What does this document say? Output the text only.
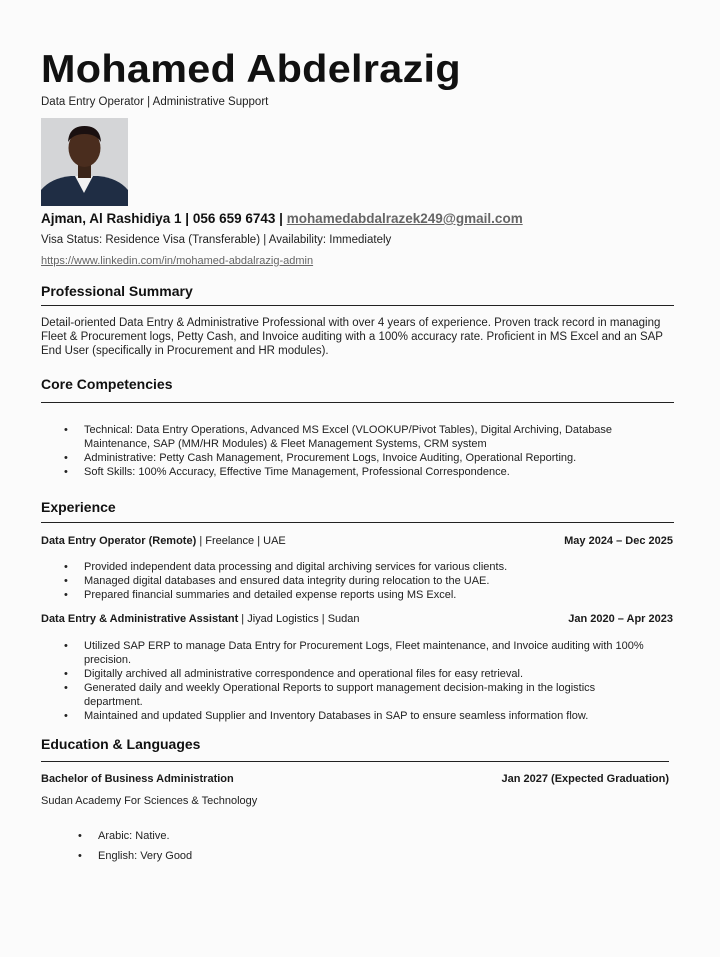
Mohamed Abdelrazig
Data Entry Operator | Administrative Support
Ajman, Al Rashidiya 1 | 056 659 6743 | mohamedabdalrazek249@gmail.com
Visa Status: Residence Visa (Transferable) | Availability: Immediately
https://www.linkedin.com/in/mohamed-abdalrazig-admin
Professional Summary
Detail-oriented Data Entry & Administrative Professional with over 4 years of experience. Proven track record in managing Fleet & Procurement logs, Petty Cash, and Invoice auditing with a 100% accuracy rate. Proficient in MS Excel and an SAP End User (specifically in Procurement and HR modules).
Core Competencies
• Technical: Data Entry Operations, Advanced MS Excel (VLOOKUP/Pivot Tables), Digital Archiving, Database Maintenance, SAP (MM/HR Modules) & Fleet Management Systems, CRM system
• Administrative: Petty Cash Management, Procurement Logs, Invoice Auditing, Operational Reporting.
• Soft Skills: 100% Accuracy, Effective Time Management, Professional Correspondence.
Experience
Data Entry Operator (Remote) | Freelance | UAE	May 2024 – Dec 2025
• Provided independent data processing and digital archiving services for various clients.
• Managed digital databases and ensured data integrity during relocation to the UAE.
• Prepared financial summaries and detailed expense reports using MS Excel.
Data Entry & Administrative Assistant | Jiyad Logistics | Sudan	Jan 2020 – Apr 2023
• Utilized SAP ERP to manage Data Entry for Procurement Logs, Fleet maintenance, and Invoice auditing with 100% precision.
• Digitally archived all administrative correspondence and operational files for easy retrieval.
• Generated daily and weekly Operational Reports to support management decision-making in the logistics department.
• Maintained and updated Supplier and Inventory Databases in SAP to ensure seamless information flow.
Education & Languages
Bachelor of Business Administration	Jan 2027 (Expected Graduation)
Sudan Academy For Sciences & Technology
• Arabic: Native.
• English: Very Good
